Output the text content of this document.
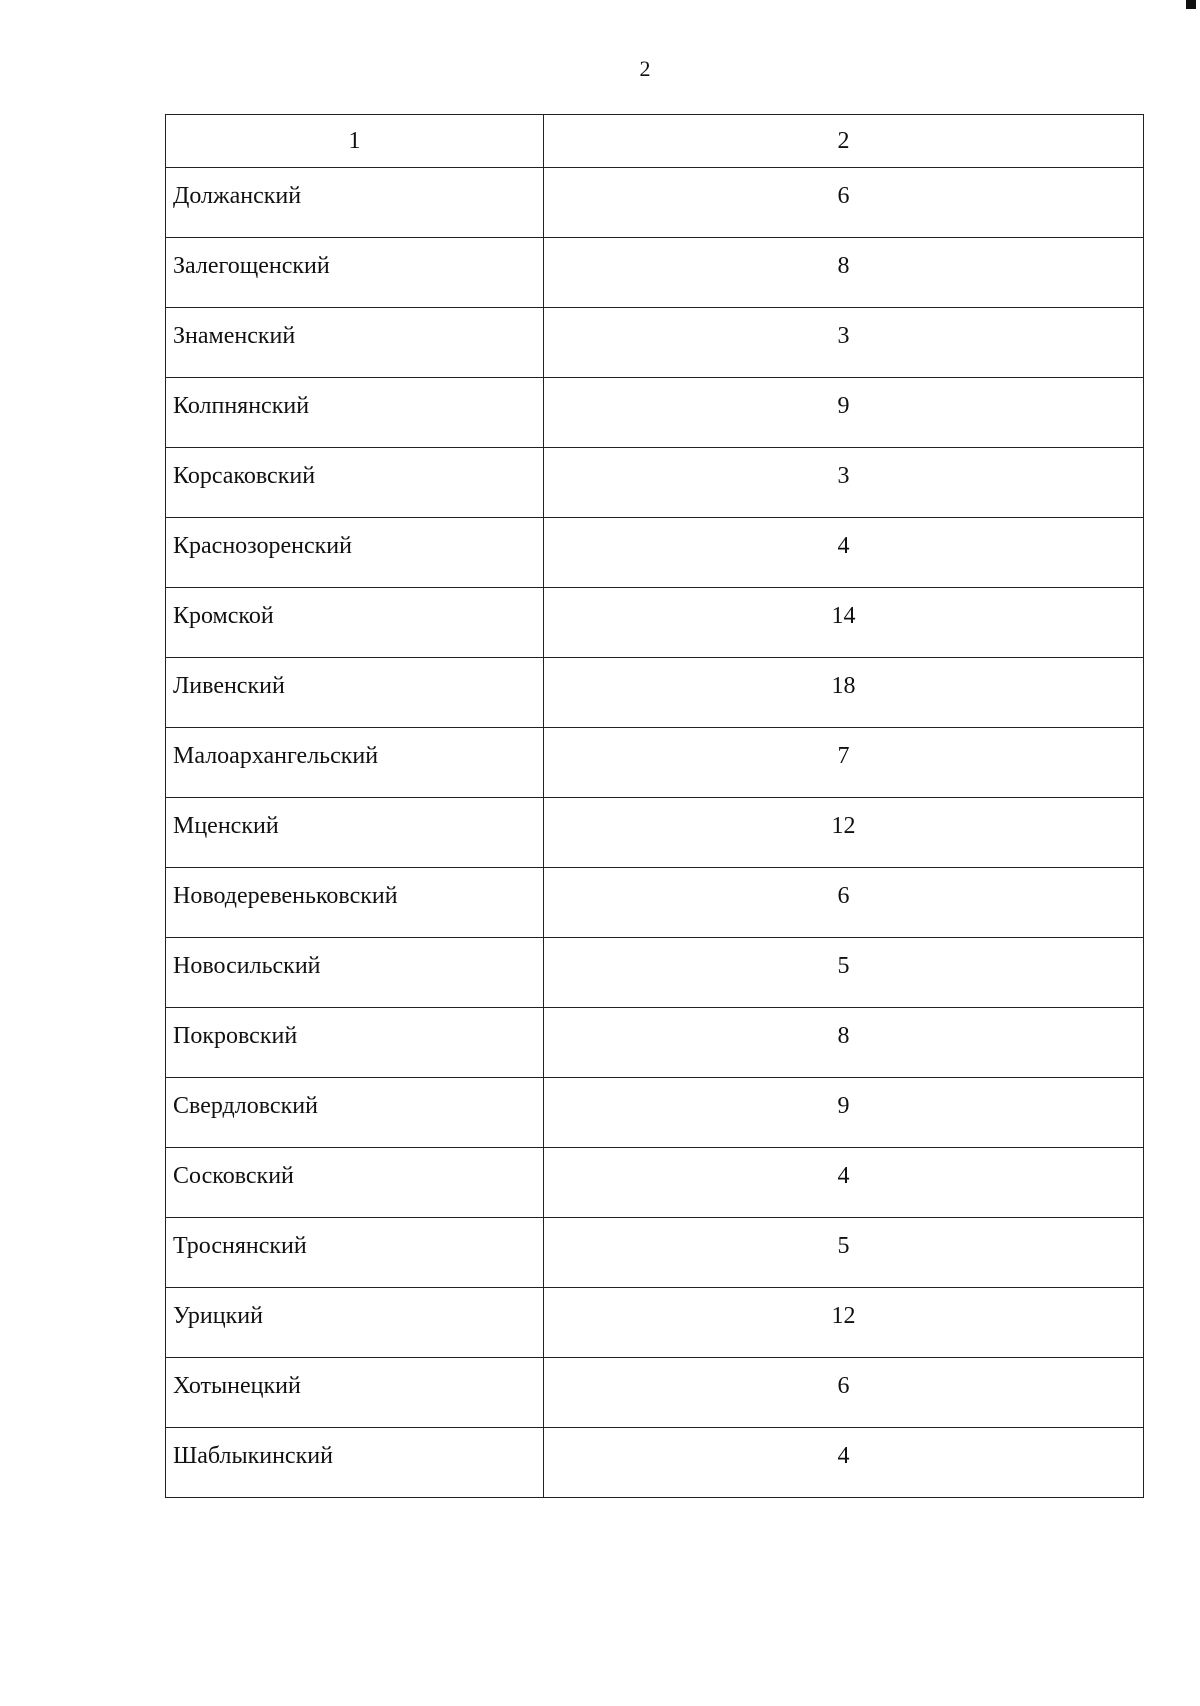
2
1	2
Должанский	6
Залегощенский	8
Знаменский	3
Колпнянский	9
Корсаковский	3
Краснозоренский	4
Кромской	14
Ливенский	18
Малоархангельский	7
Мценский	12
Новодеревеньковский	6
Новосильский	5
Покровский	8
Свердловский	9
Сосковский	4
Троснянский	5
Урицкий	12
Хотынецкий	6
Шаблыкинский	4
